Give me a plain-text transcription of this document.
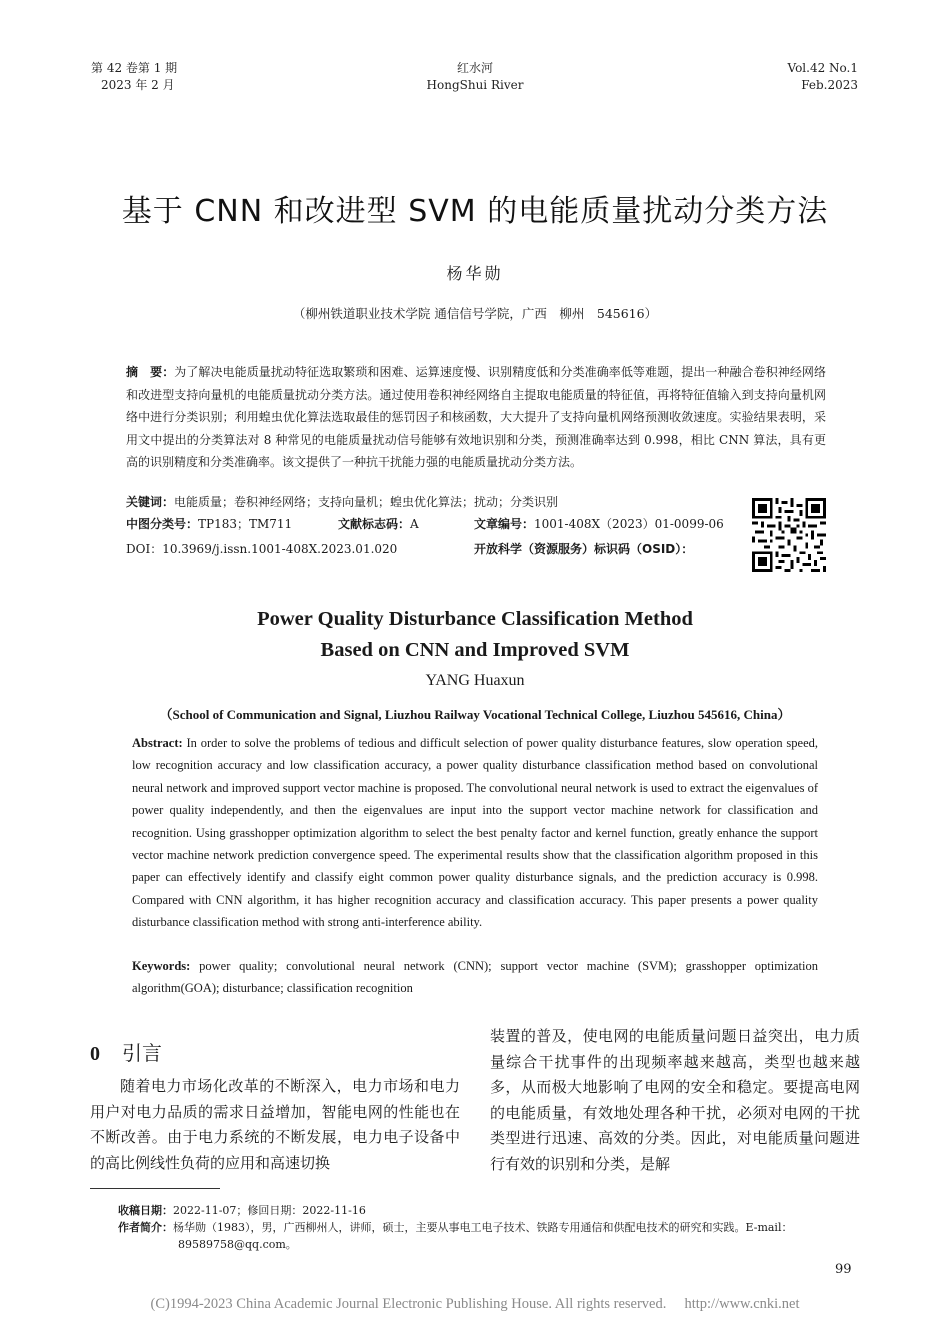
第 42 卷第 1 期
2023 年 2 月
红水河
HongShui River
Vol.42 No.1
Feb.2023
基于 CNN 和改进型 SVM 的电能质量扰动分类方法
杨华勋
（柳州铁道职业技术学院 通信信号学院，广西　柳州　545616）
摘　要：为了解决电能质量扰动特征选取繁琐和困难、运算速度慢、识别精度低和分类准确率低等难题，提出一种融合卷积神经网络和改进型支持向量机的电能质量扰动分类方法。通过使用卷积神经网络自主提取电能质量的特征值，再将特征值输入到支持向量机网络中进行分类识别；利用蝗虫优化算法选取最佳的惩罚因子和核函数，大大提升了支持向量机网络预测收敛速度。实验结果表明，采用文中提出的分类算法对 8 种常见的电能质量扰动信号能够有效地识别和分类，预测准确率达到 0.998，相比 CNN 算法，具有更高的识别精度和分类准确率。该文提供了一种抗干扰能力强的电能质量扰动分类方法。
关键词：电能质量；卷积神经网络；支持向量机；蝗虫优化算法；扰动；分类识别
中图分类号：TP183；TM711	文献标志码：A	文章编号：1001-408X（2023）01-0099-06
DOI：10.3969/j.issn.1001-408X.2023.01.020	开放科学（资源服务）标识码（OSID）：
Power Quality Disturbance Classification Method
Based on CNN and Improved SVM
YANG Huaxun
（School of Communication and Signal, Liuzhou Railway Vocational Technical College, Liuzhou 545616, China）
Abstract: In order to solve the problems of tedious and difficult selection of power quality disturbance features, slow operation speed, low recognition accuracy and low classification accuracy, a power quality disturbance classification method based on convolutional neural network and improved support vector machine is proposed. The convolutional neural network is used to extract the eigenvalues of power quality independently, and then the eigenvalues are input into the support vector machine network for classification and recognition. Using grasshopper optimization algorithm to select the best penalty factor and kernel function, greatly enhance the support vector machine network prediction convergence speed. The experimental results show that the classification algorithm proposed in this paper can effectively identify and classify eight common power quality disturbance signals, and the prediction accuracy is 0.998. Compared with CNN algorithm, it has higher recognition accuracy and classification accuracy. This paper presents a power quality disturbance classification method with strong anti-interference ability.
Keywords: power quality; convolutional neural network (CNN); support vector machine (SVM); grasshopper optimization algorithm(GOA); disturbance; classification recognition
0 引言
随着电力市场化改革的不断深入，电力市场和电力用户对电力品质的需求日益增加，智能电网的性能也在不断改善。由于电力系统的不断发展，电力电子设备中的高比例线性负荷的应用和高速切换
装置的普及，使电网的电能质量问题日益突出，电力质量综合干扰事件的出现频率越来越高，类型也越来越多，从而极大地影响了电网的安全和稳定。要提高电网的电能质量，有效地处理各种干扰，必须对电网的干扰类型进行迅速、高效的分类。因此，对电能质量问题进行有效的识别和分类，是解
收稿日期：2022-11-07；修回日期：2022-11-16
作者简介：杨华勋（1983），男，广西柳州人，讲师，硕士，主要从事电工电子技术、铁路专用通信和供配电技术的研究和实践。E-mail：89589758@qq.com。
99
(C)1994-2023 China Academic Journal Electronic Publishing House. All rights reserved.　 http://www.cnki.net
